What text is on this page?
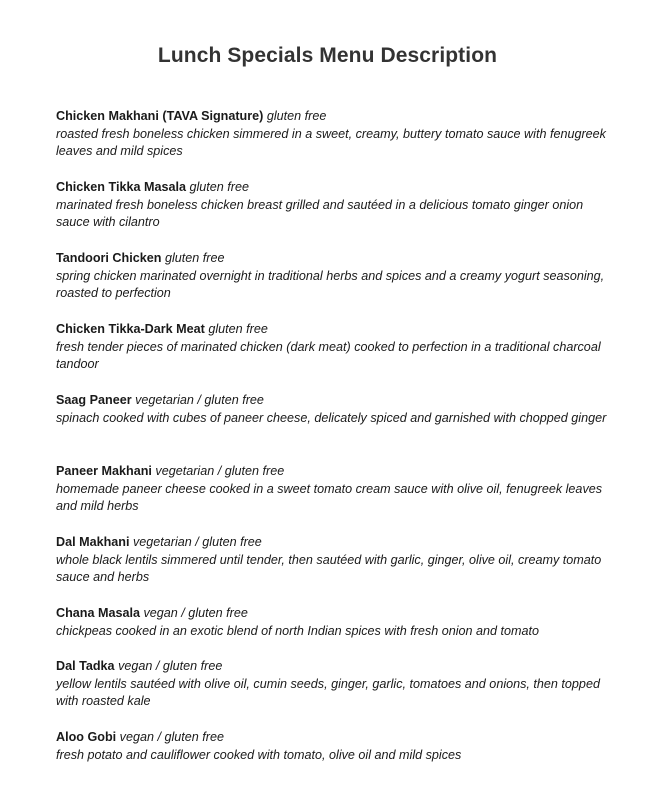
Lunch Specials Menu Description
Chicken Makhani (TAVA Signature) gluten free
roasted fresh boneless chicken simmered in a sweet, creamy, buttery tomato sauce with fenugreek leaves and mild spices
Chicken Tikka Masala gluten free
marinated fresh boneless chicken breast grilled and sautéed in a delicious tomato ginger onion sauce with cilantro
Tandoori Chicken gluten free
spring chicken marinated overnight in traditional herbs and spices and a creamy yogurt seasoning, roasted to perfection
Chicken Tikka-Dark Meat gluten free
fresh tender pieces of marinated chicken (dark meat) cooked to perfection in a traditional charcoal tandoor
Saag Paneer vegetarian / gluten free
spinach cooked with cubes of paneer cheese, delicately spiced and garnished with chopped ginger
Paneer Makhani vegetarian / gluten free
homemade paneer cheese cooked in a sweet tomato cream sauce with olive oil, fenugreek leaves and mild herbs
Dal Makhani vegetarian / gluten free
whole black lentils simmered until tender, then sautéed with garlic, ginger, olive oil, creamy tomato sauce and herbs
Chana Masala vegan / gluten free
chickpeas cooked in an exotic blend of north Indian spices with fresh onion and tomato
Dal Tadka vegan / gluten free
yellow lentils sautéed with olive oil, cumin seeds, ginger, garlic, tomatoes and onions, then topped with roasted kale
Aloo Gobi vegan / gluten free
fresh potato and cauliflower cooked with tomato, olive oil and mild spices
